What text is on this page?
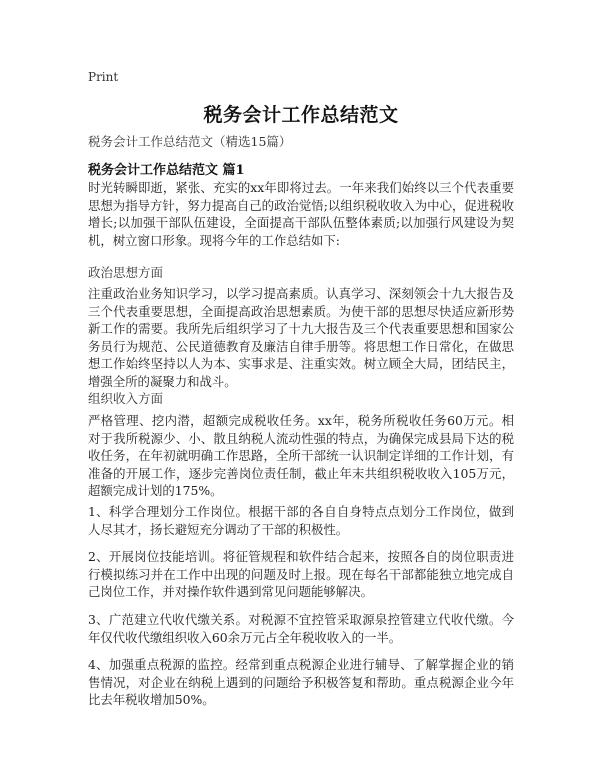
Print
税务会计工作总结范文
税务会计工作总结范文（精选15篇）
税务会计工作总结范文 篇1

时光转瞬即逝，紧张、充实的xx年即将过去。一年来我们始终以三个代表重要思想为指导方针，努力提高自己的政治觉悟;以组织税收收入为中心，促进税收增长;以加强干部队伍建设，全面提高干部队伍整体素质;以加强行风建设为契机，树立窗口形象。现将今年的工作总结如下:

政治思想方面

注重政治业务知识学习，以学习提高素质。认真学习、深刻领会十九大报告及三个代表重要思想，全面提高政治思想素质。为使干部的思想尽快适应新形势新工作的需要。我所先后组织学习了十九大报告及三个代表重要思想和国家公务员行为规范、公民道德教育及廉洁自律手册等。将思想工作日常化，在做思想工作始终坚持以人为本、实事求是、注重实效。树立顾全大局，团结民主，增强全所的凝聚力和战斗。

组织收入方面

严格管理、挖内潜，超额完成税收任务。xx年，税务所税收任务60万元。相对于我所税源少、小、散且纳税人流动性强的特点，为确保完成县局下达的税收任务，在年初就明确工作思路，全所干部统一认识制定详细的工作计划，有准备的开展工作，逐步完善岗位责任制，截止年末共组织税收收入105万元，超额完成计划的175%。

1、科学合理划分工作岗位。根据干部的各自自身特点点划分工作岗位，做到人尽其才，扬长避短充分调动了干部的积极性。

2、开展岗位技能培训。将征管规程和软件结合起来，按照各自的岗位职责进行模拟练习并在工作中出现的问题及时上报。现在每名干部都能独立地完成自己岗位工作，并对操作软件遇到常见问题能够解决。

3、广范建立代收代缴关系。对税源不宜控管采取源泉控管建立代收代缴。今年仅代收代缴组织收入60余万元占全年税收收入的一半。

4、加强重点税源的监控。经常到重点税源企业进行辅导、了解掌握企业的销售情况，对企业在纳税上遇到的问题给予积极答复和帮助。重点税源企业今年比去年税收增加50%。
